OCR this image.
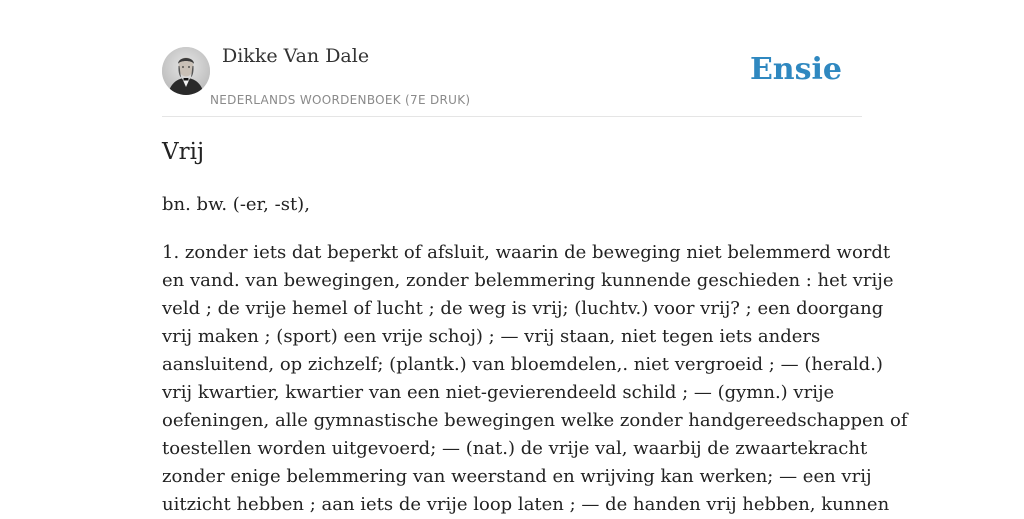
Dikke Van Dale
NEDERLANDS WOORDENBOEK (7E DRUK)
Ensie
Vrij

bn. bw. (-er, -st),

1. zonder iets dat beperkt of afsluit, waarin de beweging niet belemmerd wordt
en vand. van bewegingen, zonder belemmering kunnende geschieden : het vrije
veld ; de vrije hemel of lucht ; de weg is vrij; (luchtv.) voor vrij? ; een doorgang
vrij maken ; (sport) een vrije schoj) ; — vrij staan, niet tegen iets anders
aansluitend, op zichzelf; (plantk.) van bloemdelen,. niet vergroeid ; — (herald.)
vrij kwartier, kwartier van een niet-gevierendeeld schild ; — (gymn.) vrije
oefeningen, alle gymnastische bewegingen welke zonder handgereedschappen of
toestellen worden uitgevoerd; — (nat.) de vrije val, waarbij de zwaartekracht
zonder enige belemmering van weerstand en wrijving kan werken; — een vrij
uitzicht hebben ; aan iets de vrije loop laten ; — de handen vrij hebben, kunnen
